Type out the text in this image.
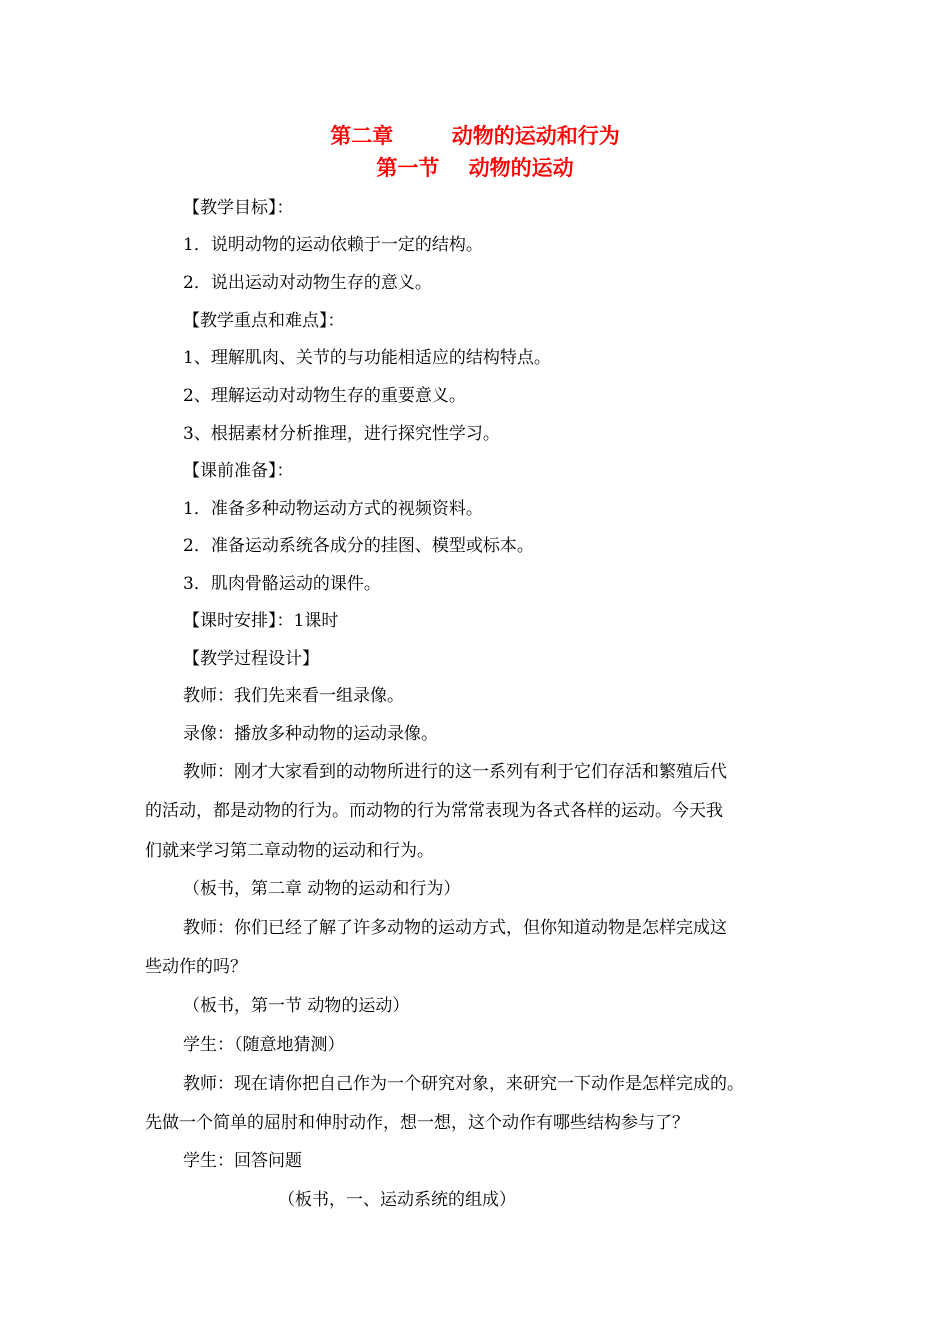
第二章        动物的运动和行为
第一节    动物的运动
【教学目标】：
1．说明动物的运动依赖于一定的结构。
2．说出运动对动物生存的意义。
【教学重点和难点】：
1、理解肌肉、关节的与功能相适应的结构特点。
2、理解运动对动物生存的重要意义。
3、根据素材分析推理，进行探究性学习。
【课前准备】：
1．准备多种动物运动方式的视频资料。
2．准备运动系统各成分的挂图、模型或标本。
3．肌肉骨骼运动的课件。
【课时安排】：1课时
【教学过程设计】
教师：我们先来看一组录像。
录像：播放多种动物的运动录像。
教师：刚才大家看到的动物所进行的这一系列有利于它们存活和繁殖后代
的活动，都是动物的行为。而动物的行为常常表现为各式各样的运动。今天我
们就来学习第二章动物的运动和行为。
（板书，第二章 动物的运动和行为）
教师：你们已经了解了许多动物的运动方式，但你知道动物是怎样完成这
些动作的吗？
（板书，第一节 动物的运动）
学生：（随意地猜测）
教师：现在请你把自己作为一个研究对象，来研究一下动作是怎样完成的。
先做一个简单的屈肘和伸肘动作，想一想，这个动作有哪些结构参与了？
学生：回答问题
（板书，一、运动系统的组成）
